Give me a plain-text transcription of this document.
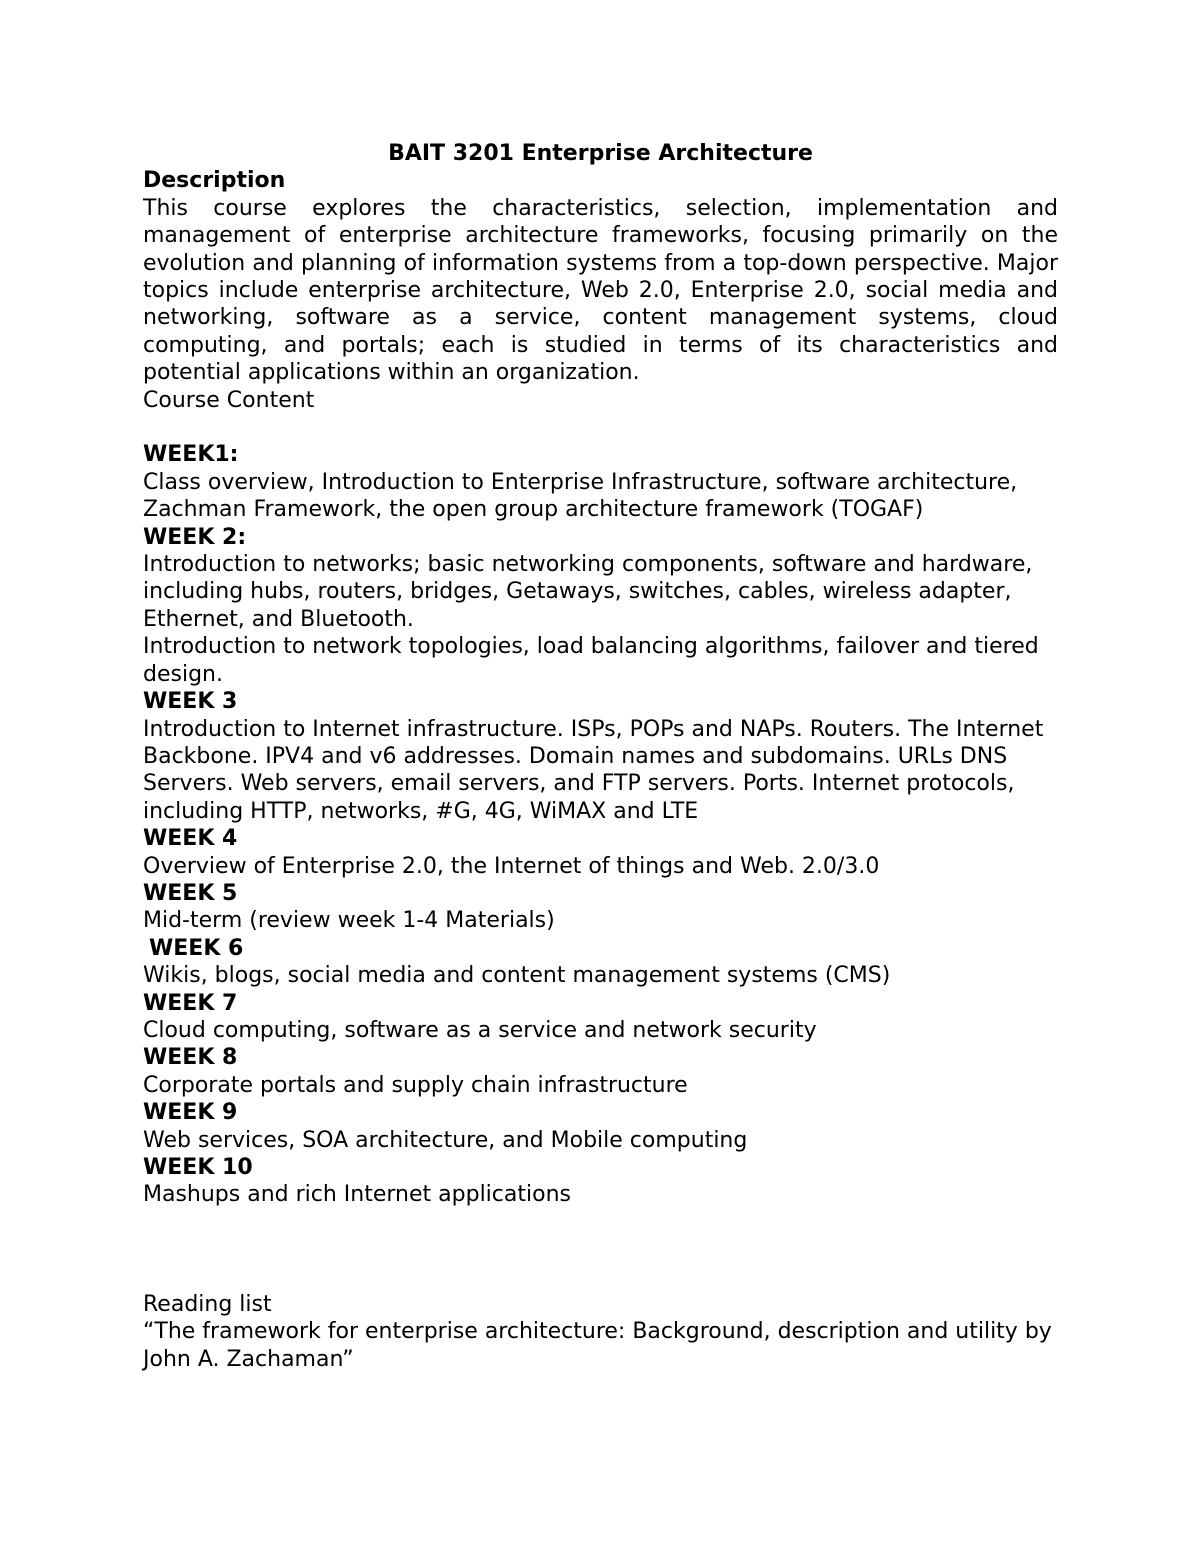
BAIT 3201 Enterprise Architecture

Description

This course explores the characteristics, selection, implementation and management of enterprise architecture frameworks, focusing primarily on the evolution and planning of information systems from a top-down perspective. Major topics include enterprise architecture, Web 2.0, Enterprise 2.0, social media and networking, software as a service, content management systems, cloud computing, and portals; each is studied in terms of its characteristics and potential applications within an organization.

Course Content

WEEK1:

Class overview, Introduction to Enterprise Infrastructure, software architecture, Zachman Framework, the open group architecture framework (TOGAF)

WEEK 2:

Introduction to networks; basic networking components, software and hardware, including hubs, routers, bridges, Getaways, switches, cables, wireless adapter, Ethernet, and Bluetooth.

Introduction to network topologies, load balancing algorithms, failover and tiered design.

WEEK 3

Introduction to Internet infrastructure. ISPs, POPs and NAPs. Routers. The Internet Backbone. IPV4 and v6 addresses. Domain names and subdomains. URLs DNS Servers. Web servers, email servers, and FTP servers. Ports. Internet protocols, including HTTP, networks, #G, 4G, WiMAX and LTE

WEEK 4

Overview of Enterprise 2.0, the Internet of things and Web. 2.0/3.0

WEEK 5

Mid-term (review week 1-4 Materials)

WEEK 6

Wikis, blogs, social media and content management systems (CMS)

WEEK 7

Cloud computing, software as a service and network security

WEEK 8

Corporate portals and supply chain infrastructure

WEEK 9

Web services, SOA architecture, and Mobile computing

WEEK 10

Mashups and rich Internet applications

Reading list

“The framework for enterprise architecture: Background, description and utility by John A. Zachaman”
